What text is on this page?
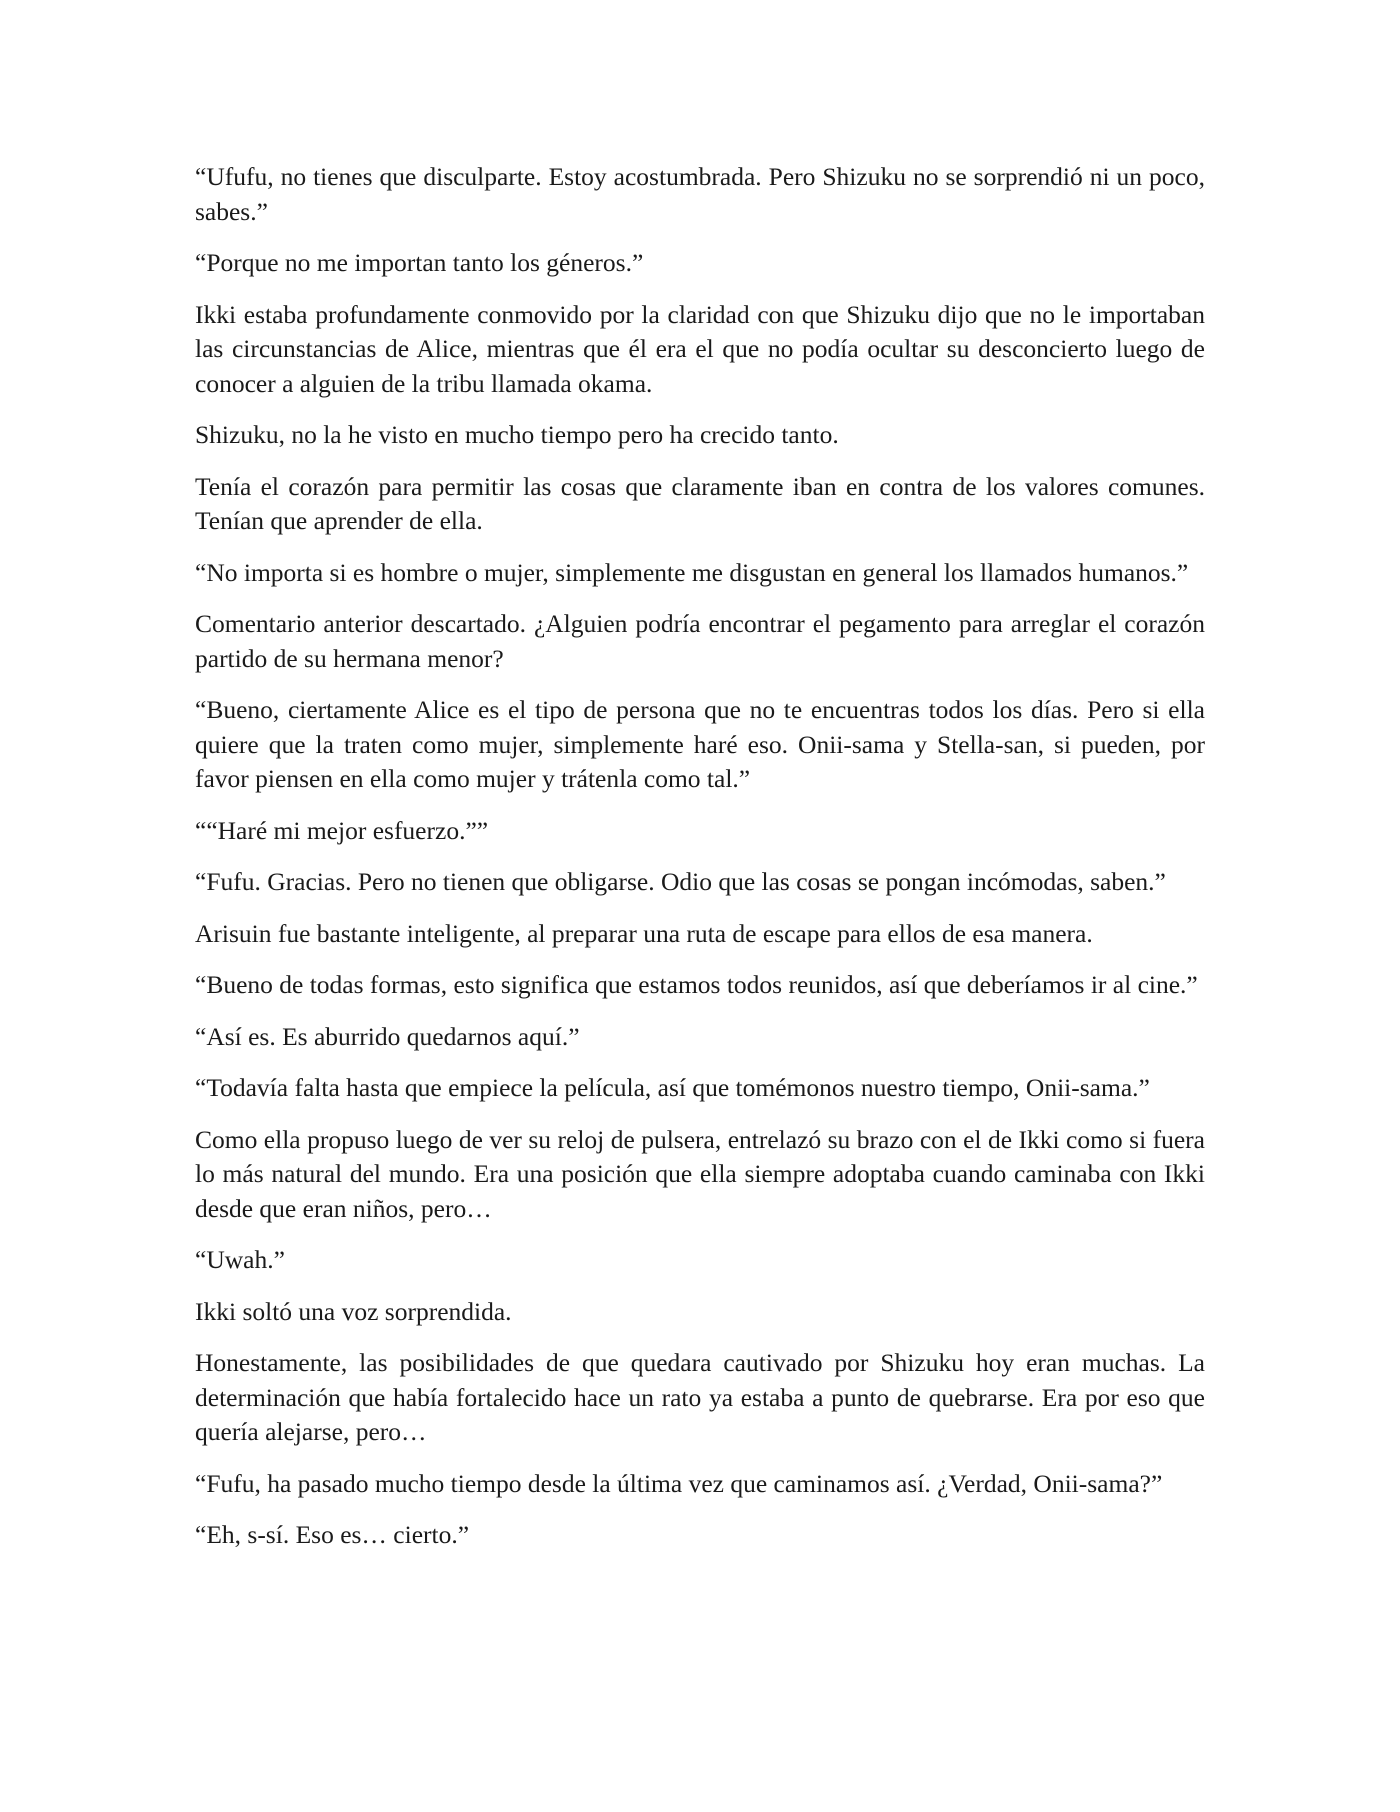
“Ufufu, no tienes que disculparte. Estoy acostumbrada. Pero Shizuku no se sorprendió ni un poco, sabes.”

“Porque no me importan tanto los géneros.”

Ikki estaba profundamente conmovido por la claridad con que Shizuku dijo que no le importaban las circunstancias de Alice, mientras que él era el que no podía ocultar su desconcierto luego de conocer a alguien de la tribu llamada okama.

Shizuku, no la he visto en mucho tiempo pero ha crecido tanto.

Tenía el corazón para permitir las cosas que claramente iban en contra de los valores comunes. Tenían que aprender de ella.

“No importa si es hombre o mujer, simplemente me disgustan en general los llamados humanos.”

Comentario anterior descartado. ¿Alguien podría encontrar el pegamento para arreglar el corazón partido de su hermana menor?

“Bueno, ciertamente Alice es el tipo de persona que no te encuentras todos los días. Pero si ella quiere que la traten como mujer, simplemente haré eso. Onii-sama y Stella-san, si pueden, por favor piensen en ella como mujer y trátenla como tal.”

““Haré mi mejor esfuerzo.””

“Fufu. Gracias. Pero no tienen que obligarse. Odio que las cosas se pongan incómodas, saben.”

Arisuin fue bastante inteligente, al preparar una ruta de escape para ellos de esa manera.

“Bueno de todas formas, esto significa que estamos todos reunidos, así que deberíamos ir al cine.”

“Así es. Es aburrido quedarnos aquí.”

“Todavía falta hasta que empiece la película, así que tomémonos nuestro tiempo, Onii-sama.”

Como ella propuso luego de ver su reloj de pulsera, entrelazó su brazo con el de Ikki como si fuera lo más natural del mundo. Era una posición que ella siempre adoptaba cuando caminaba con Ikki desde que eran niños, pero…

“Uwah.”

Ikki soltó una voz sorprendida.

Honestamente, las posibilidades de que quedara cautivado por Shizuku hoy eran muchas. La determinación que había fortalecido hace un rato ya estaba a punto de quebrarse. Era por eso que quería alejarse, pero…

“Fufu, ha pasado mucho tiempo desde la última vez que caminamos así. ¿Verdad, Onii-sama?”

“Eh, s-sí. Eso es… cierto.”
